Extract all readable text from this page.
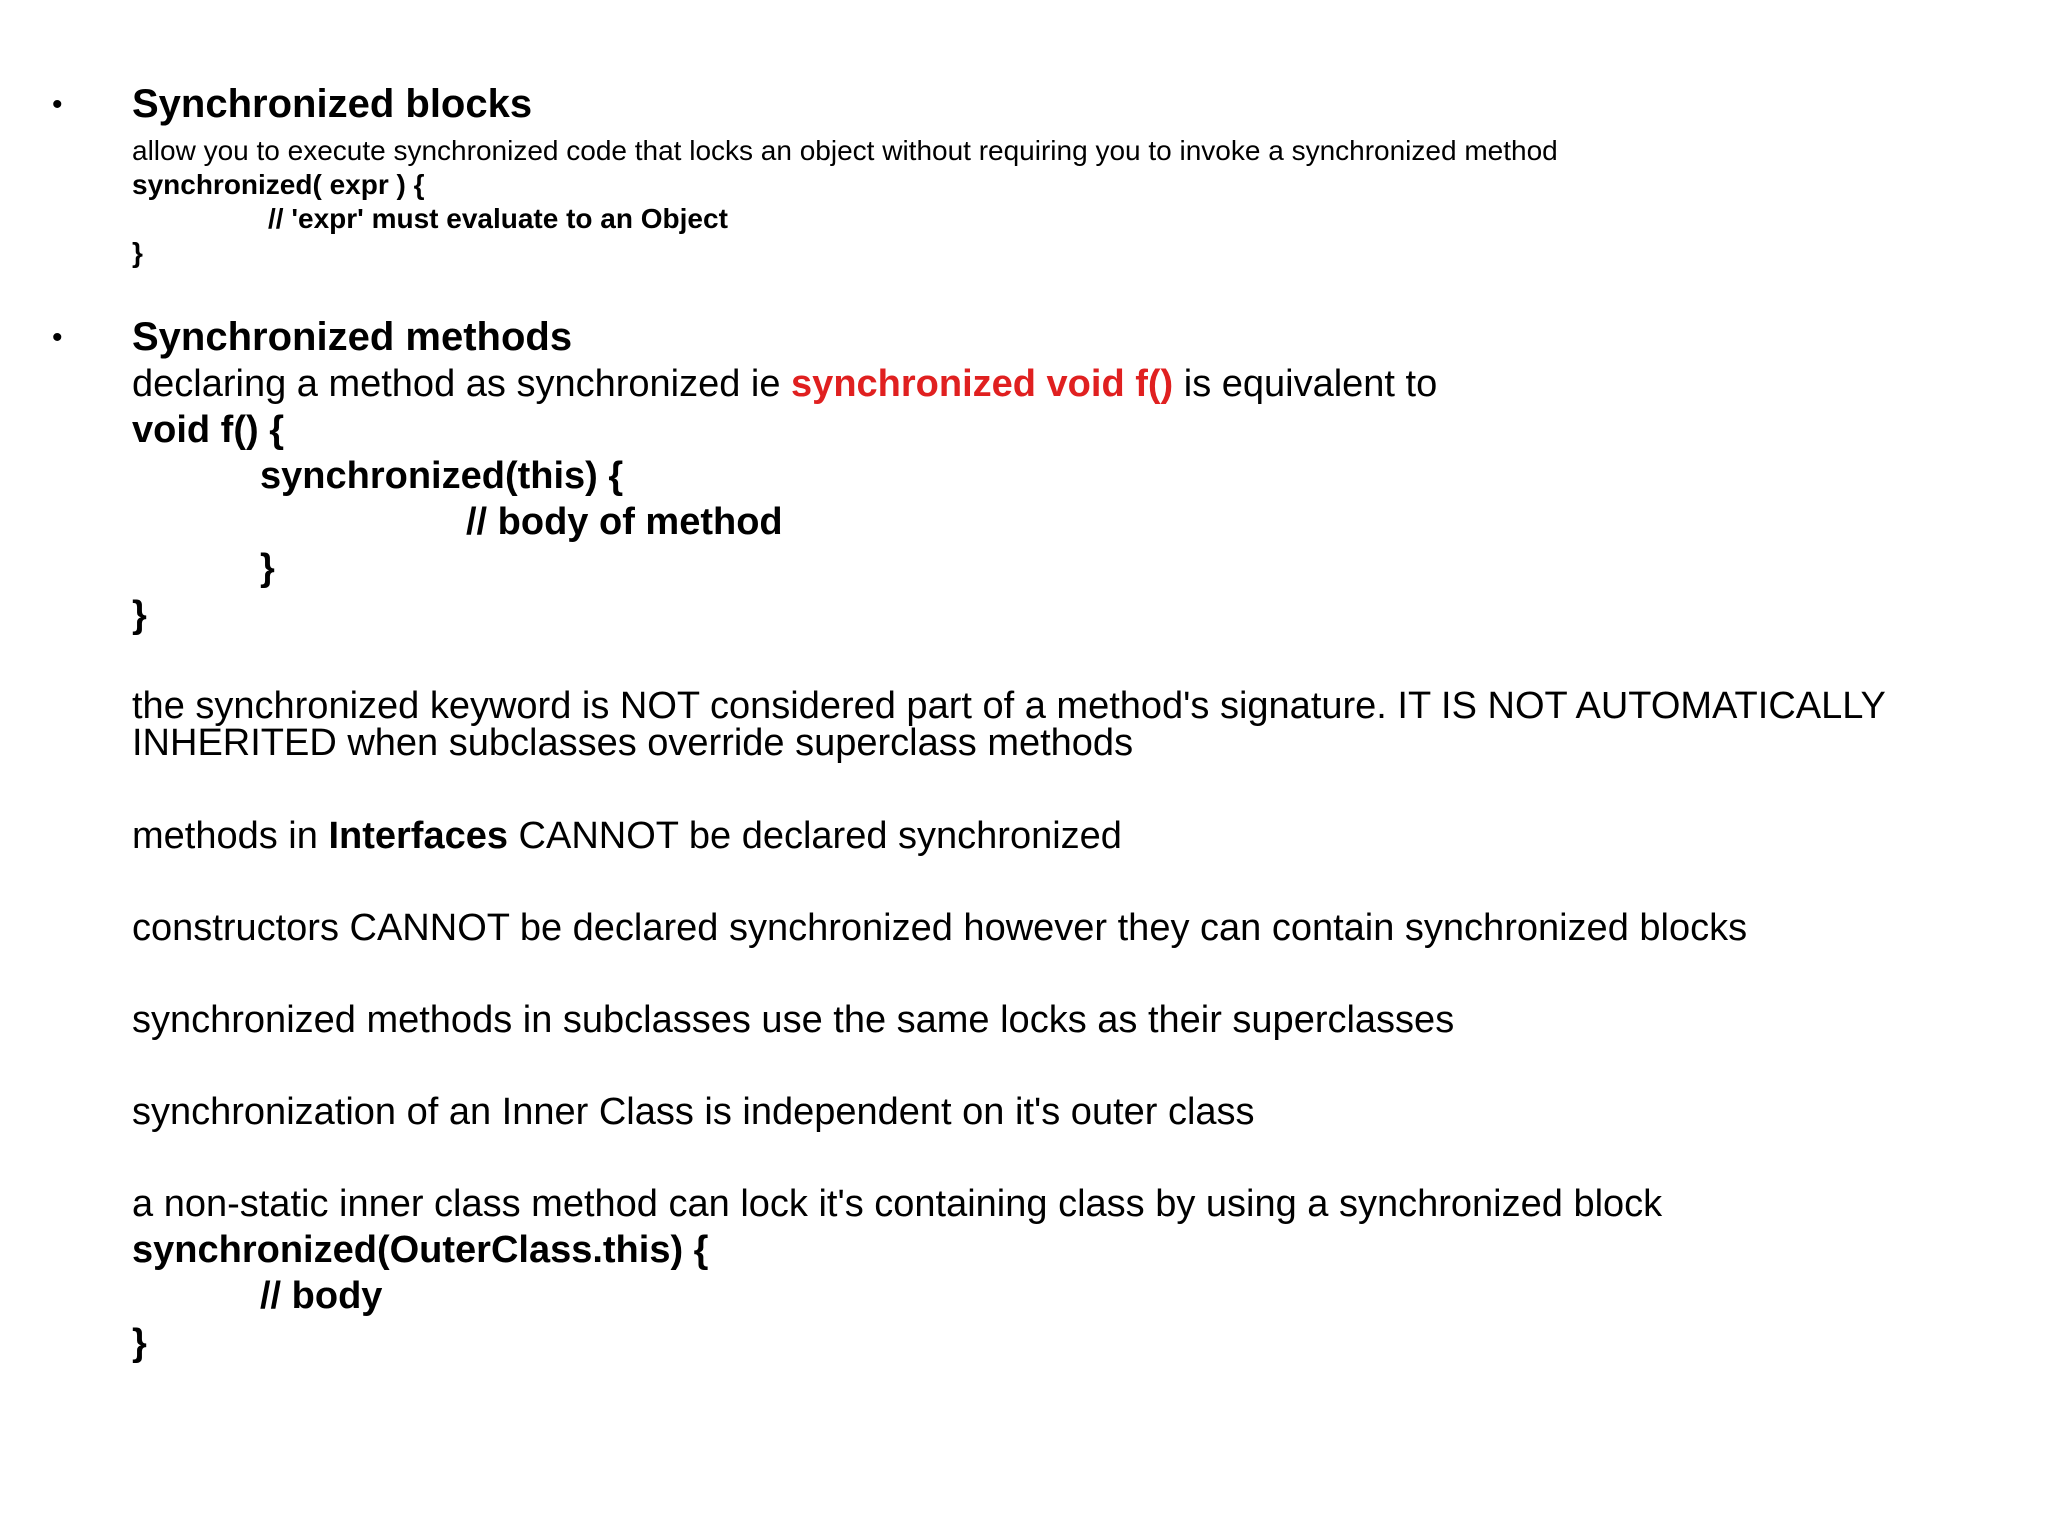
• Synchronized blocks
allow you to execute synchronized code that locks an object without requiring you to invoke a synchronized method
synchronized( expr ) {
// 'expr' must evaluate to an Object
}
• Synchronized methods
declaring a method as synchronized ie synchronized void f() is equivalent to
void f() {
synchronized(this) {
// body of method
}
}
the synchronized keyword is NOT considered part of a method's signature. IT IS NOT AUTOMATICALLY INHERITED when subclasses override superclass methods
methods in Interfaces CANNOT be declared synchronized
constructors CANNOT be declared synchronized however they can contain synchronized blocks
synchronized methods in subclasses use the same locks as their superclasses
synchronization of an Inner Class is independent on it's outer class
a non-static inner class method can lock it's containing class by using a synchronized block
synchronized(OuterClass.this) {
// body
}
